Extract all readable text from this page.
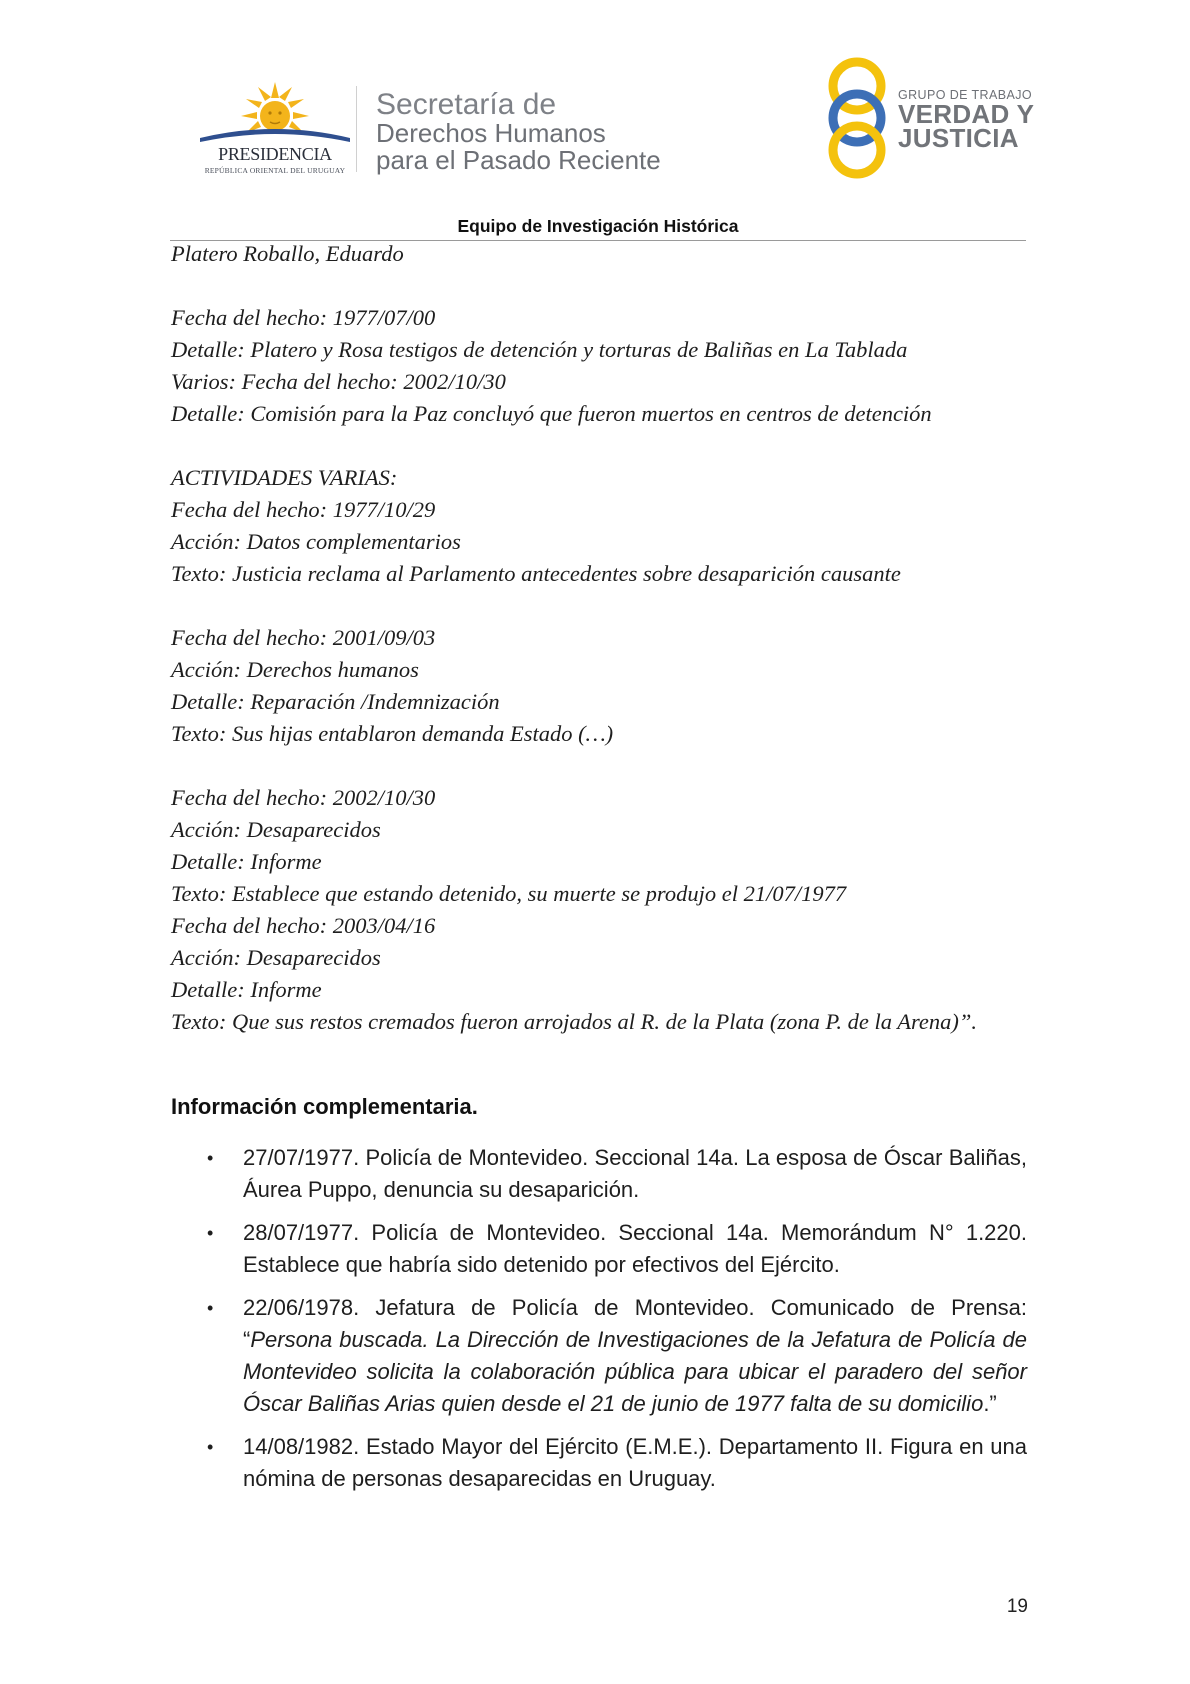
PRESIDENCIA
REPÚBLICA ORIENTAL DEL URUGUAY
Secretaría de
Derechos Humanos
para el Pasado Reciente
GRUPO DE TRABAJO
VERDAD Y
JUSTICIA
Equipo de Investigación Histórica
Platero Roballo, Eduardo
Fecha del hecho: 1977/07/00
Detalle: Platero y Rosa testigos de detención y torturas de Baliñas en La Tablada
Varios: Fecha del hecho: 2002/10/30
Detalle: Comisión para la Paz concluyó que fueron muertos en centros de detención
ACTIVIDADES VARIAS:
Fecha del hecho: 1977/10/29
Acción: Datos complementarios
Texto: Justicia reclama al Parlamento antecedentes sobre desaparición causante
Fecha del hecho: 2001/09/03
Acción: Derechos humanos
Detalle: Reparación /Indemnización
Texto: Sus hijas entablaron demanda Estado (…)
Fecha del hecho: 2002/10/30
Acción: Desaparecidos
Detalle: Informe
Texto: Establece que estando detenido, su muerte se produjo el 21/07/1977
Fecha del hecho: 2003/04/16
Acción: Desaparecidos
Detalle: Informe
Texto: Que sus restos cremados fueron arrojados al R. de la Plata (zona P. de la Arena)”.
Información complementaria.
• 27/07/1977. Policía de Montevideo. Seccional 14a. La esposa de Óscar Baliñas, Áurea Puppo, denuncia su desaparición.
• 28/07/1977. Policía de Montevideo. Seccional 14a. Memorándum N° 1.220. Establece que habría sido detenido por efectivos del Ejército.
• 22/06/1978. Jefatura de Policía de Montevideo. Comunicado de Prensa: “Persona buscada. La Dirección de Investigaciones de la Jefatura de Policía de Montevideo solicita la colaboración pública para ubicar el paradero del señor Óscar Baliñas Arias quien desde el 21 de junio de 1977 falta de su domicilio.”
• 14/08/1982. Estado Mayor del Ejército (E.M.E.). Departamento II. Figura en una nómina de personas desaparecidas en Uruguay.
19
